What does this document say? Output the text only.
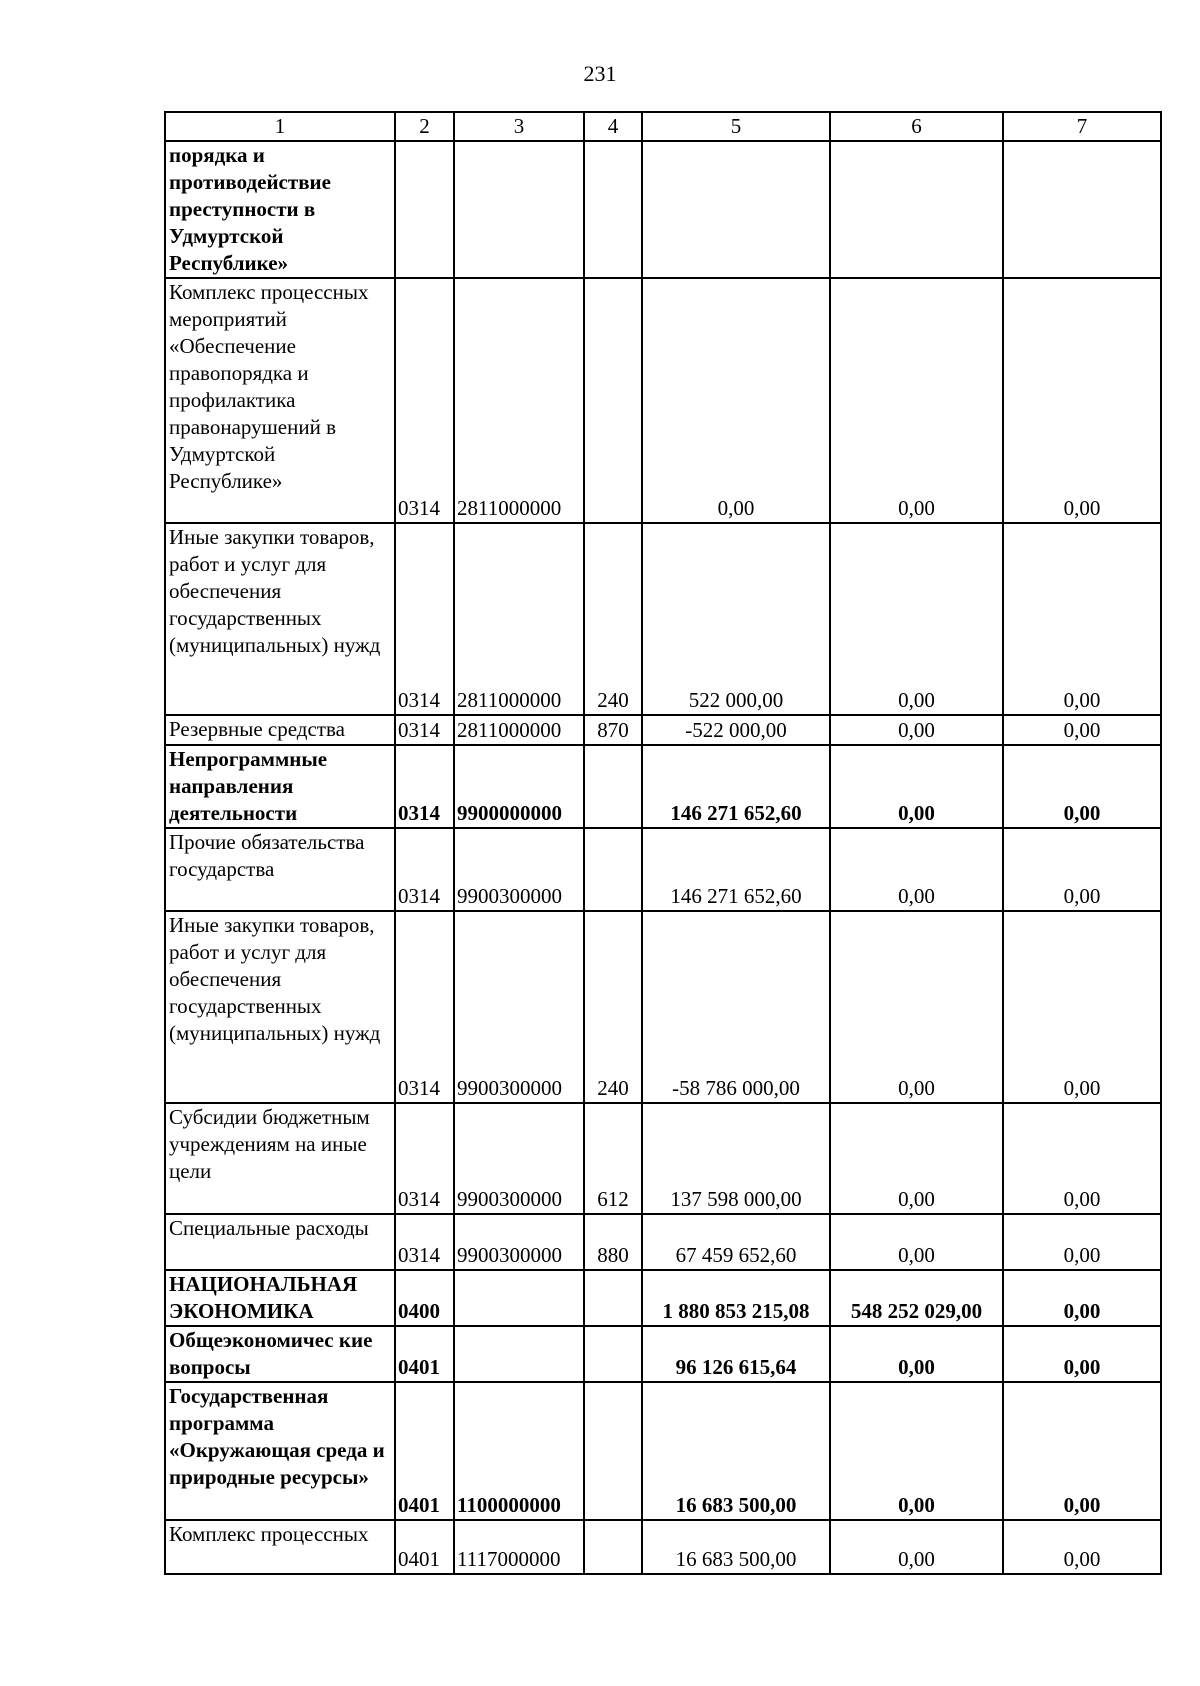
231
1	2	3	4	5	6	7
порядка и противодействие преступности в Удмуртской Республике»						
Комплекс процессных мероприятий «Обеспечение правопорядка и профилактика правонарушений в Удмуртской Республике»	0314	2811000000		0,00	0,00	0,00
Иные закупки товаров, работ и услуг для обеспечения государственных (муниципальных) нужд	0314	2811000000	240	522 000,00	0,00	0,00
Резервные средства	0314	2811000000	870	-522 000,00	0,00	0,00
Непрограммные направления деятельности	0314	9900000000		146 271 652,60	0,00	0,00
Прочие обязательства государства	0314	9900300000		146 271 652,60	0,00	0,00
Иные закупки товаров, работ и услуг для обеспечения государственных (муниципальных) нужд	0314	9900300000	240	-58 786 000,00	0,00	0,00
Субсидии бюджетным учреждениям на иные цели	0314	9900300000	612	137 598 000,00	0,00	0,00
Специальные расходы	0314	9900300000	880	67 459 652,60	0,00	0,00
НАЦИОНАЛЬНАЯ ЭКОНОМИКА	0400			1 880 853 215,08	548 252 029,00	0,00
Общеэкономичес кие вопросы	0401			96 126 615,64	0,00	0,00
Государственная программа «Окружающая среда и природные ресурсы»	0401	1100000000		16 683 500,00	0,00	0,00
Комплекс процессных	0401	1117000000		16 683 500,00	0,00	0,00
